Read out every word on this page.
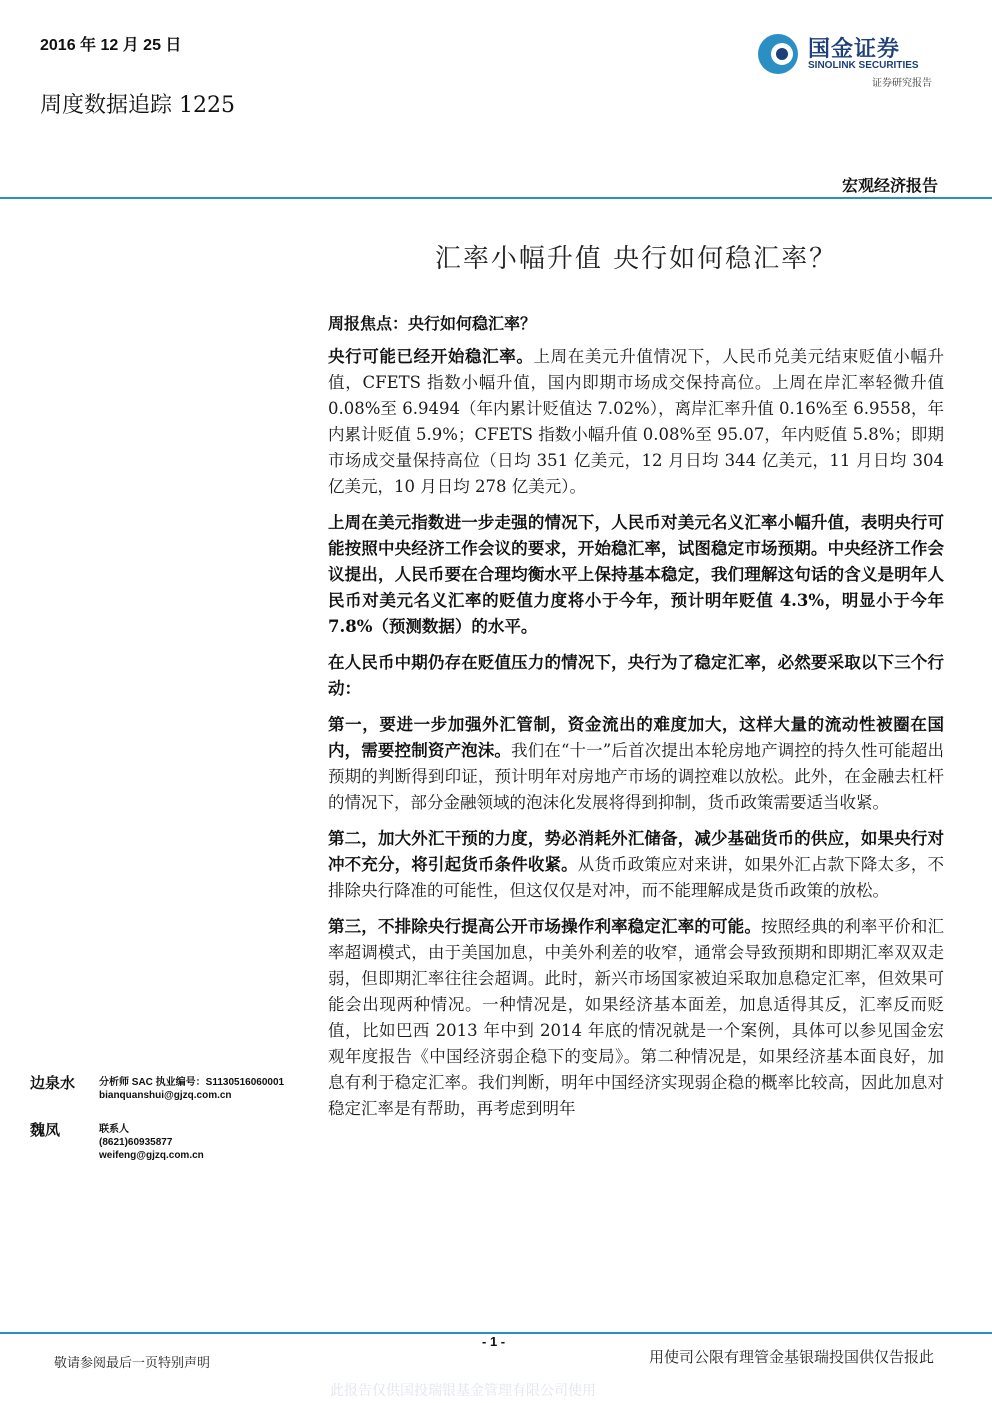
2016 年 12 月 25 日
周度数据追踪 1225
国金证券
SINOLINK SECURITIES
证券研究报告
宏观经济报告
汇率小幅升值 央行如何稳汇率？
周报焦点：央行如何稳汇率？

央行可能已经开始稳汇率。上周在美元升值情况下，人民币兑美元结束贬值小幅升值，CFETS 指数小幅升值，国内即期市场成交保持高位。上周在岸汇率轻微升值 0.08%至 6.9494（年内累计贬值达 7.02%），离岸汇率升值 0.16%至 6.9558，年内累计贬值 5.9%；CFETS 指数小幅升值 0.08%至 95.07，年内贬值 5.8%；即期市场成交量保持高位（日均 351 亿美元，12 月日均 344 亿美元，11 月日均 304 亿美元，10 月日均 278 亿美元）。

上周在美元指数进一步走强的情况下，人民币对美元名义汇率小幅升值，表明央行可能按照中央经济工作会议的要求，开始稳汇率，试图稳定市场预期。中央经济工作会议提出，人民币要在合理均衡水平上保持基本稳定，我们理解这句话的含义是明年人民币对美元名义汇率的贬值力度将小于今年，预计明年贬值 4.3%，明显小于今年 7.8%（预测数据）的水平。

在人民币中期仍存在贬值压力的情况下，央行为了稳定汇率，必然要采取以下三个行动：

第一，要进一步加强外汇管制，资金流出的难度加大，这样大量的流动性被圈在国内，需要控制资产泡沫。我们在“十一”后首次提出本轮房地产调控的持久性可能超出预期的判断得到印证，预计明年对房地产市场的调控难以放松。此外，在金融去杠杆的情况下，部分金融领域的泡沫化发展将得到抑制，货币政策需要适当收紧。

第二，加大外汇干预的力度，势必消耗外汇储备，减少基础货币的供应，如果央行对冲不充分，将引起货币条件收紧。从货币政策应对来讲，如果外汇占款下降太多，不排除央行降准的可能性，但这仅仅是对冲，而不能理解成是货币政策的放松。

第三，不排除央行提高公开市场操作利率稳定汇率的可能。按照经典的利率平价和汇率超调模式，由于美国加息，中美外利差的收窄，通常会导致预期和即期汇率双双走弱，但即期汇率往往会超调。此时，新兴市场国家被迫采取加息稳定汇率，但效果可能会出现两种情况。一种情况是，如果经济基本面差，加息适得其反，汇率反而贬值，比如巴西 2013 年中到 2014 年底的情况就是一个案例，具体可以参见国金宏观年度报告《中国经济弱企稳下的变局》。第二种情况是，如果经济基本面良好，加息有利于稳定汇率。我们判断，明年中国经济实现弱企稳的概率比较高，因此加息对稳定汇率是有帮助，再考虑到明年

边泉水 分析师 SAC 执业编号：S1130516060001
bianquanshui@gjzq.com.cn
魏凤	联系人
(8621)60935877
weifeng@gjzq.com.cn
- 1 -
敬请参阅最后一页特别声明	用使司公限有理管金基银瑞投国供仅告报此
此报告仅供国投瑞银基金管理有限公司使用
